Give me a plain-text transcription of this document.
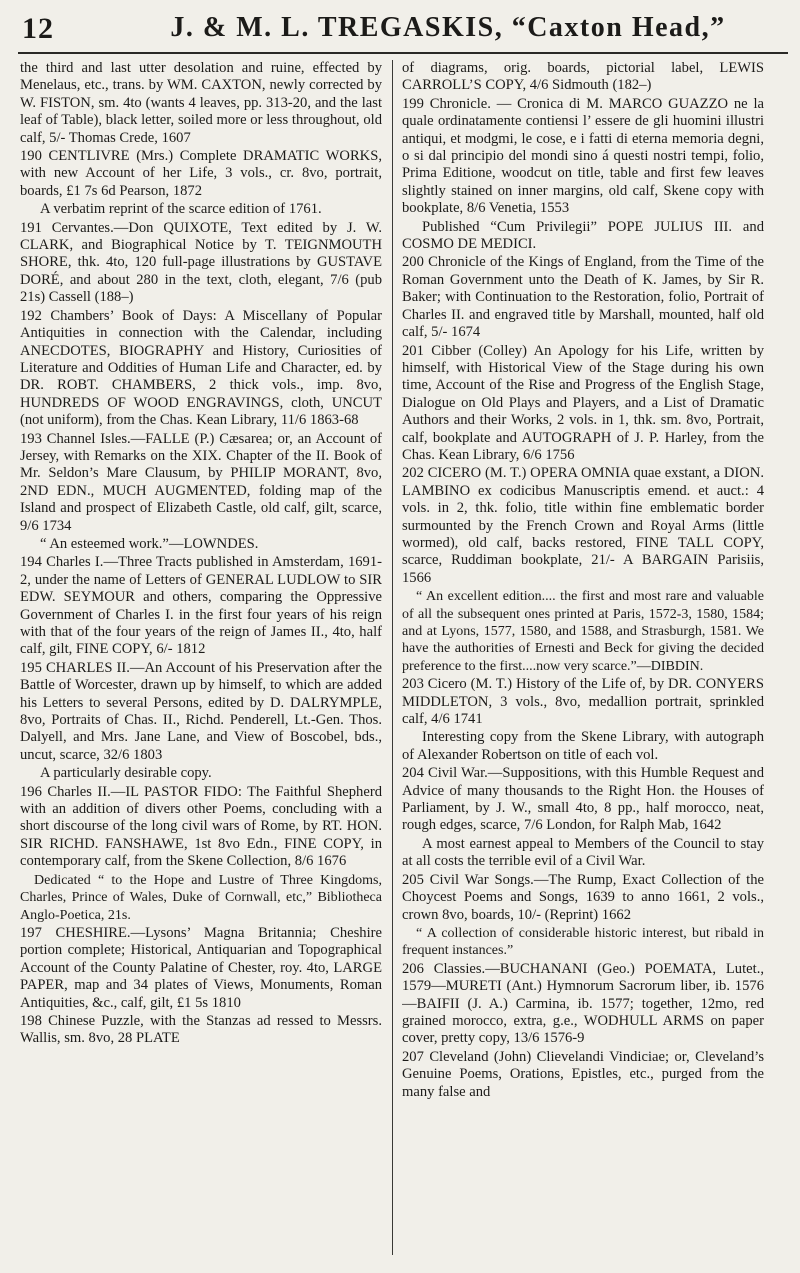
12	J. & M. L. TREGASKIS, “Caxton Head,”

the third and last utter desolation and ruine, effected by Menelaus, etc., trans. by WM. CAXTON, newly corrected by W. FISTON, sm. 4to (wants 4 leaves, pp. 313-20, and the last leaf of Table), black letter, soiled more or less throughout, old calf, 5/- Thomas Crede, 1607

190 CENTLIVRE (Mrs.) Complete DRAMATIC WORKS, with new Account of her Life, 3 vols., cr. 8vo, portrait, boards, £1 7s 6d Pearson, 1872

A verbatim reprint of the scarce edition of 1761.

191 Cervantes.—Don QUIXOTE, Text edited by J. W. CLARK, and Biographical Notice by T. TEIGNMOUTH SHORE, thk. 4to, 120 full-page illustrations by GUSTAVE DORÉ, and about 280 in the text, cloth, elegant, 7/6 (pub 21s) Cassell (188–)

192 Chambers’ Book of Days: A Miscellany of Popular Antiquities in connection with the Calendar, including ANECDOTES, BIOGRAPHY and History, Curiosities of Literature and Oddities of Human Life and Character, ed. by DR. ROBT. CHAMBERS, 2 thick vols., imp. 8vo, HUNDREDS OF WOOD ENGRAVINGS, cloth, UNCUT (not uniform), from the Chas. Kean Library, 11/6 1863-68

193 Channel Isles.—FALLE (P.) Cæsarea; or, an Account of Jersey, with Remarks on the XIX. Chapter of the II. Book of Mr. Seldon’s Mare Clausum, by PHILIP MORANT, 8vo, 2ND EDN., MUCH AUGMENTED, folding map of the Island and prospect of Elizabeth Castle, old calf, gilt, scarce, 9/6 1734

“ An esteemed work.”—LOWNDES.

194 Charles I.—Three Tracts published in Amsterdam, 1691-2, under the name of Letters of GENERAL LUDLOW to SIR EDW. SEYMOUR and others, comparing the Oppressive Government of Charles I. in the first four years of his reign with that of the four years of the reign of James II., 4to, half calf, gilt, FINE COPY, 6/- 1812

195 CHARLES II.—An Account of his Preservation after the Battle of Worcester, drawn up by himself, to which are added his Letters to several Persons, edited by D. DALRYMPLE, 8vo, Portraits of Chas. II., Richd. Penderell, Lt.-Gen. Thos. Dalyell, and Mrs. Jane Lane, and View of Boscobel, bds., uncut, scarce, 32/6 1803

A particularly desirable copy.

196 Charles II.—IL PASTOR FIDO: The Faithful Shepherd with an addition of divers other Poems, concluding with a short discourse of the long civil wars of Rome, by RT. HON. SIR RICHD. FANSHAWE, 1st 8vo Edn., FINE COPY, in contemporary calf, from the Skene Collection, 8/6 1676

Dedicated “ to the Hope and Lustre of Three Kingdoms, Charles, Prince of Wales, Duke of Cornwall, etc,” Bibliotheca Anglo-Poetica, 21s.

197 CHESHIRE.—Lysons’ Magna Britannia; Cheshire portion complete; Historical, Antiquarian and Topographical Account of the County Palatine of Chester, roy. 4to, LARGE PAPER, map and 34 plates of Views, Monuments, Roman Antiquities, &c., calf, gilt, £1 5s 1810

198 Chinese Puzzle, with the Stanzas ad ressed to Messrs. Wallis, sm. 8vo, 28 PLATE

of diagrams, orig. boards, pictorial label, LEWIS CARROLL’S COPY, 4/6 Sidmouth (182–)

199 Chronicle. — Cronica di M. MARCO GUAZZO ne la quale ordinatamente contiensi l’ essere de gli huomini illustri antiqui, et modgmi, le cose, e i fatti di eterna memoria degni, o si dal principio del mondi sino á questi nostri tempi, folio, Prima Editione, woodcut on title, table and first few leaves slightly stained on inner margins, old calf, Skene copy with bookplate, 8/6 Venetia, 1553

Published “Cum Privilegii” POPE JULIUS III. and COSMO DE MEDICI.

200 Chronicle of the Kings of England, from the Time of the Roman Government unto the Death of K. James, by Sir R. Baker; with Continuation to the Restoration, folio, Portrait of Charles II. and engraved title by Marshall, mounted, half old calf, 5/- 1674

201 Cibber (Colley) An Apology for his Life, written by himself, with Historical View of the Stage during his own time, Account of the Rise and Progress of the English Stage, Dialogue on Old Plays and Players, and a List of Dramatic Authors and their Works, 2 vols. in 1, thk. sm. 8vo, Portrait, calf, bookplate and AUTOGRAPH of J. P. Harley, from the Chas. Kean Library, 6/6 1756

202 CICERO (M. T.) OPERA OMNIA quae exstant, a DION. LAMBINO ex codicibus Manuscriptis emend. et auct.: 4 vols. in 2, thk. folio, title within fine emblematic border surmounted by the French Crown and Royal Arms (little wormed), old calf, backs restored, FINE TALL COPY, scarce, Ruddiman bookplate, 21/- A BARGAIN Parisiis, 1566

“ An excellent edition.... the first and most rare and valuable of all the subsequent ones printed at Paris, 1572-3, 1580, 1584; and at Lyons, 1577, 1580, and 1588, and Strasburgh, 1581. We have the authorities of Ernesti and Beck for giving the decided preference to the first....now very scarce.”—DIBDIN.

203 Cicero (M. T.) History of the Life of, by DR. CONYERS MIDDLETON, 3 vols., 8vo, medallion portrait, sprinkled calf, 4/6 1741

Interesting copy from the Skene Library, with autograph of Alexander Robertson on title of each vol.

204 Civil War.—Suppositions, with this Humble Request and Advice of many thousands to the Right Hon. the Houses of Parliament, by J. W., small 4to, 8 pp., half morocco, neat, rough edges, scarce, 7/6 London, for Ralph Mab, 1642

A most earnest appeal to Members of the Council to stay at all costs the terrible evil of a Civil War.

205 Civil War Songs.—The Rump, Exact Collection of the Choycest Poems and Songs, 1639 to anno 1661, 2 vols., crown 8vo, boards, 10/- (Reprint) 1662

“ A collection of considerable historic interest, but ribald in frequent instances.”

206 Classies.—BUCHANANI (Geo.) POEMATA, Lutet., 1579—MURETI (Ant.) Hymnorum Sacrorum liber, ib. 1576—BAIFII (J. A.) Carmina, ib. 1577; together, 12mo, red grained morocco, extra, g.e., WODHULL ARMS on paper cover, pretty copy, 13/6 1576-9

207 Cleveland (John) Clievelandi Vindiciae; or, Cleveland’s Genuine Poems, Orations, Epistles, etc., purged from the many false and
